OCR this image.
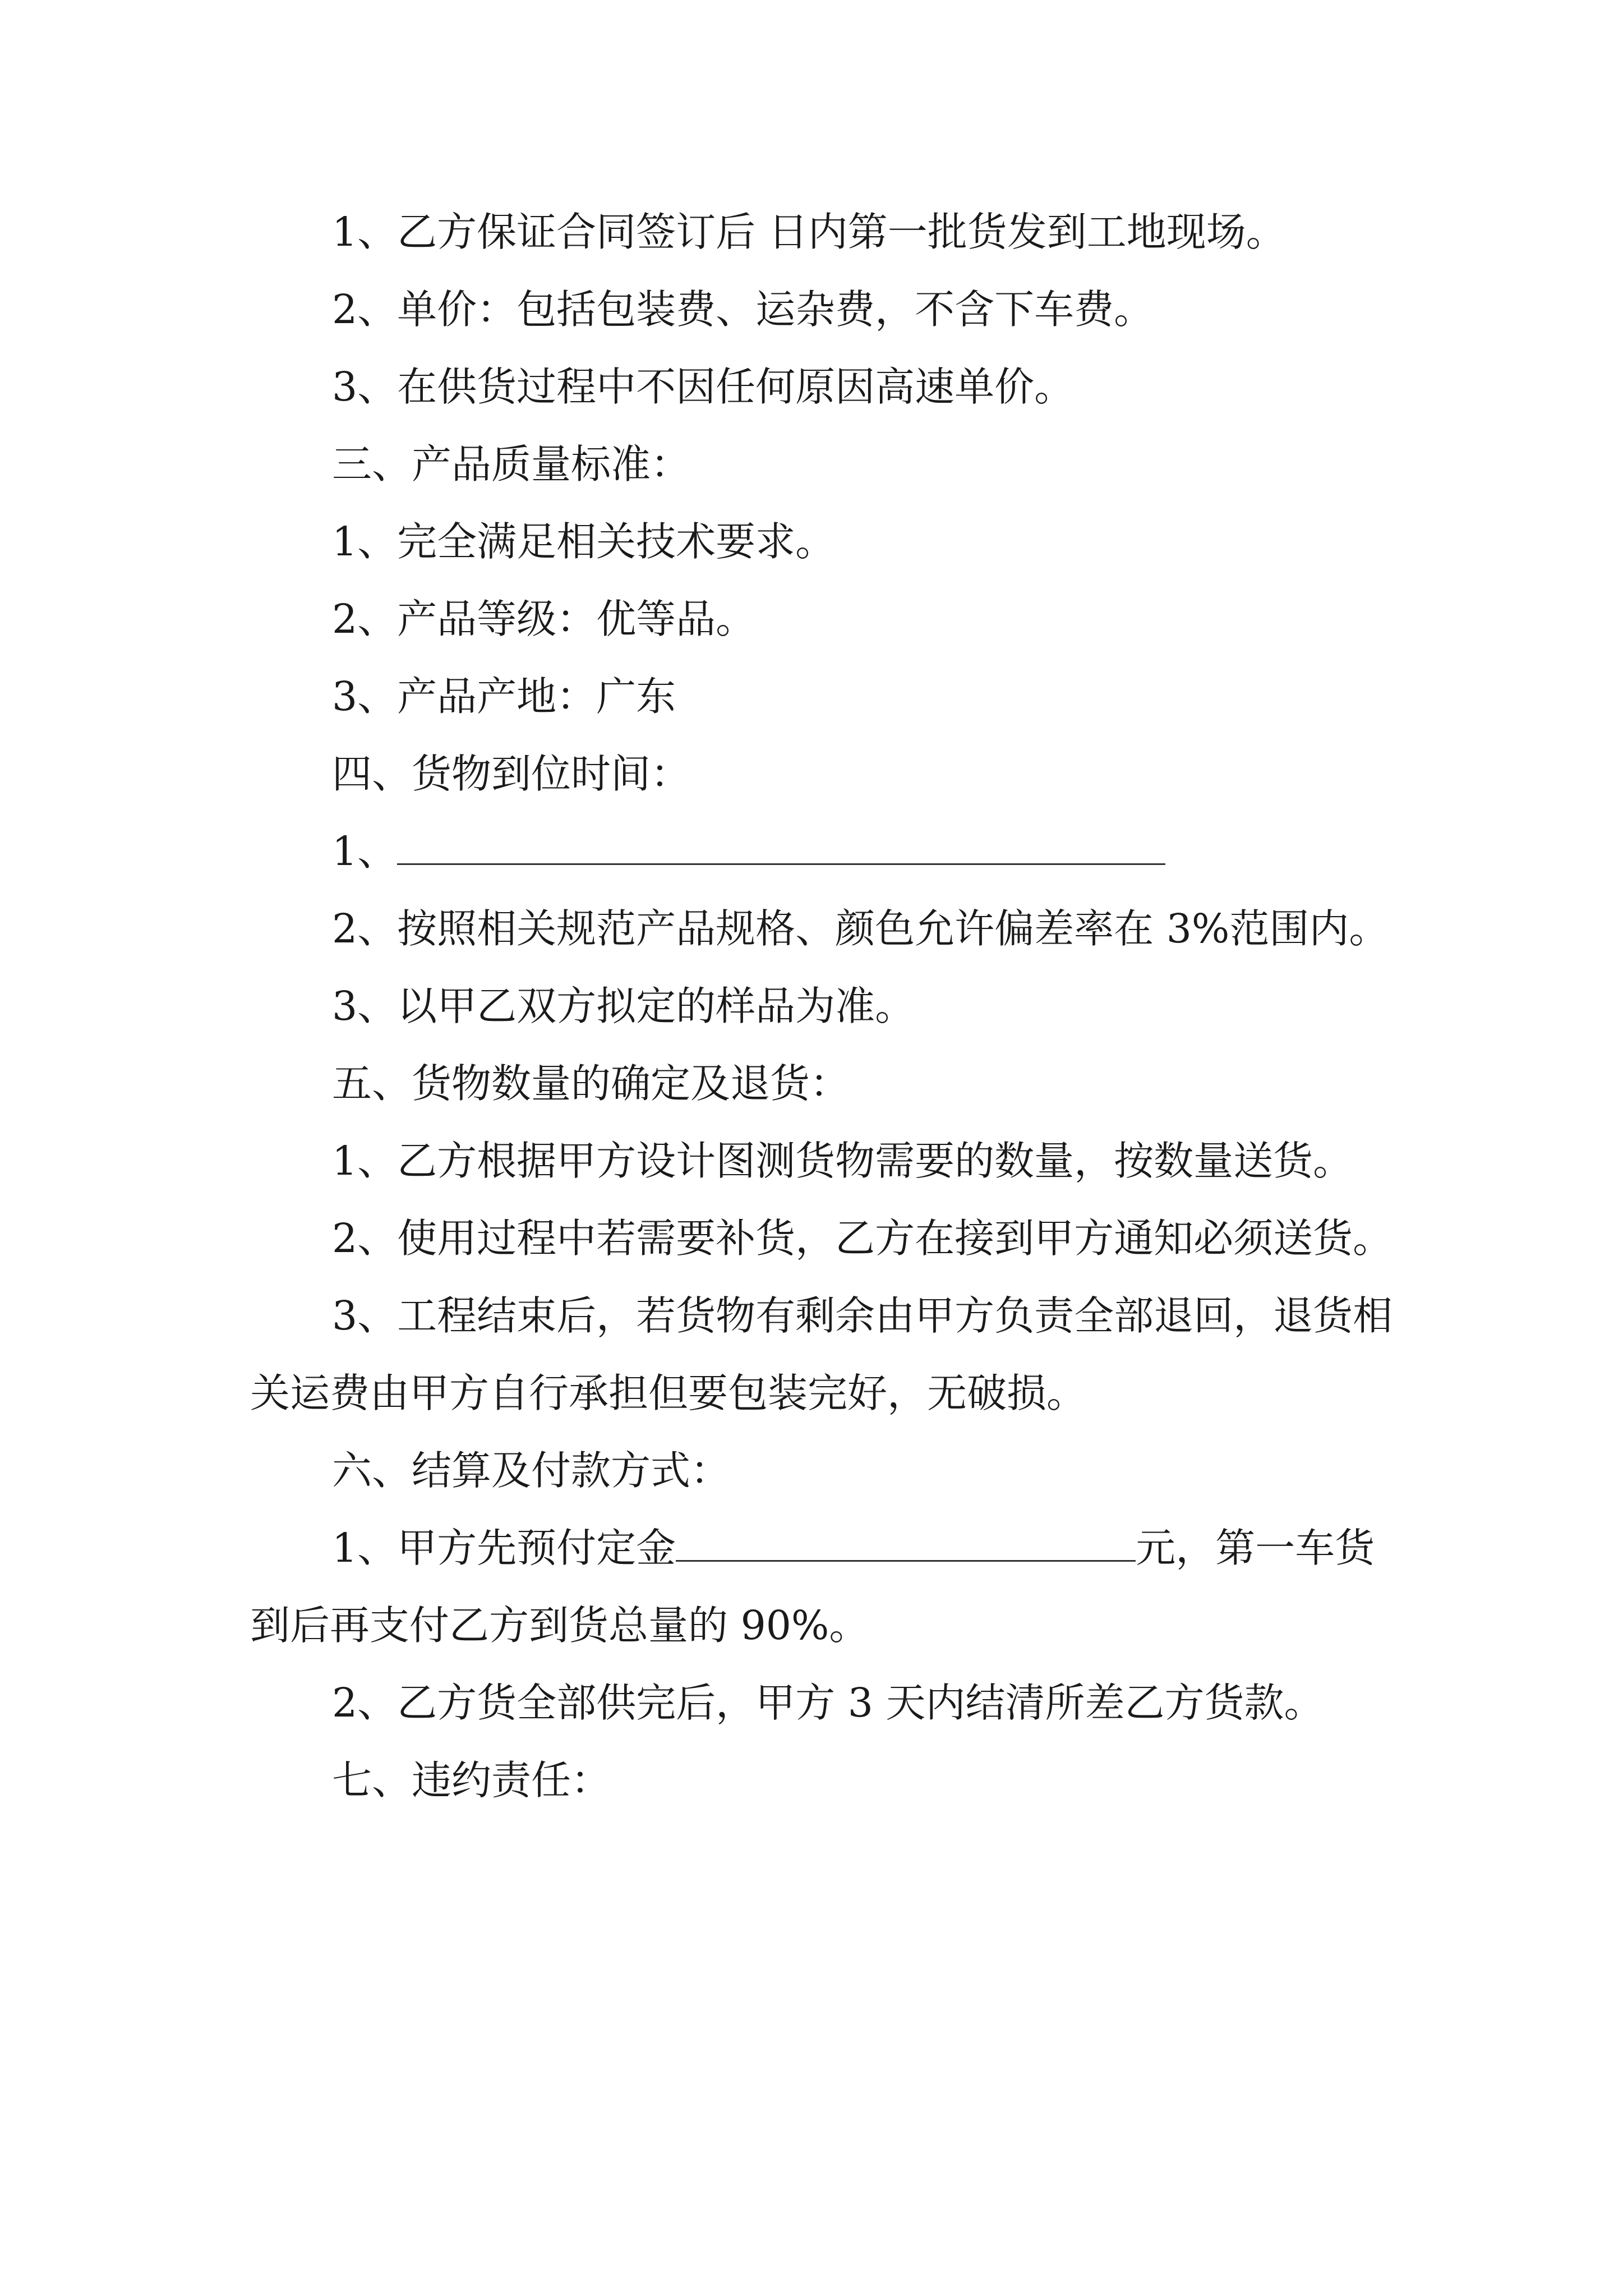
1、乙方保证合同签订后 日内第一批货发到工地现场。

2、单价：包括包装费、运杂费，不含下车费。

3、在供货过程中不因任何原因高速单价。

三、产品质量标准：

1、完全满足相关技术要求。

2、产品等级：优等品。

3、产品产地：广东

四、货物到位时间：

1、

2、按照相关规范产品规格、颜色允许偏差率在 3%范围内。

3、以甲乙双方拟定的样品为准。

五、货物数量的确定及退货：

1、乙方根据甲方设计图测货物需要的数量，按数量送货。

2、使用过程中若需要补货，乙方在接到甲方通知必须送货。

3、工程结束后，若货物有剩余由甲方负责全部退回，退货相关运费由甲方自行承担但要包装完好，无破损。

六、结算及付款方式：

1、甲方先预付定金	元，第一车货到后再支付乙方到货总量的 90%。

2、乙方货全部供完后，甲方 3 天内结清所差乙方货款。

七、违约责任：
